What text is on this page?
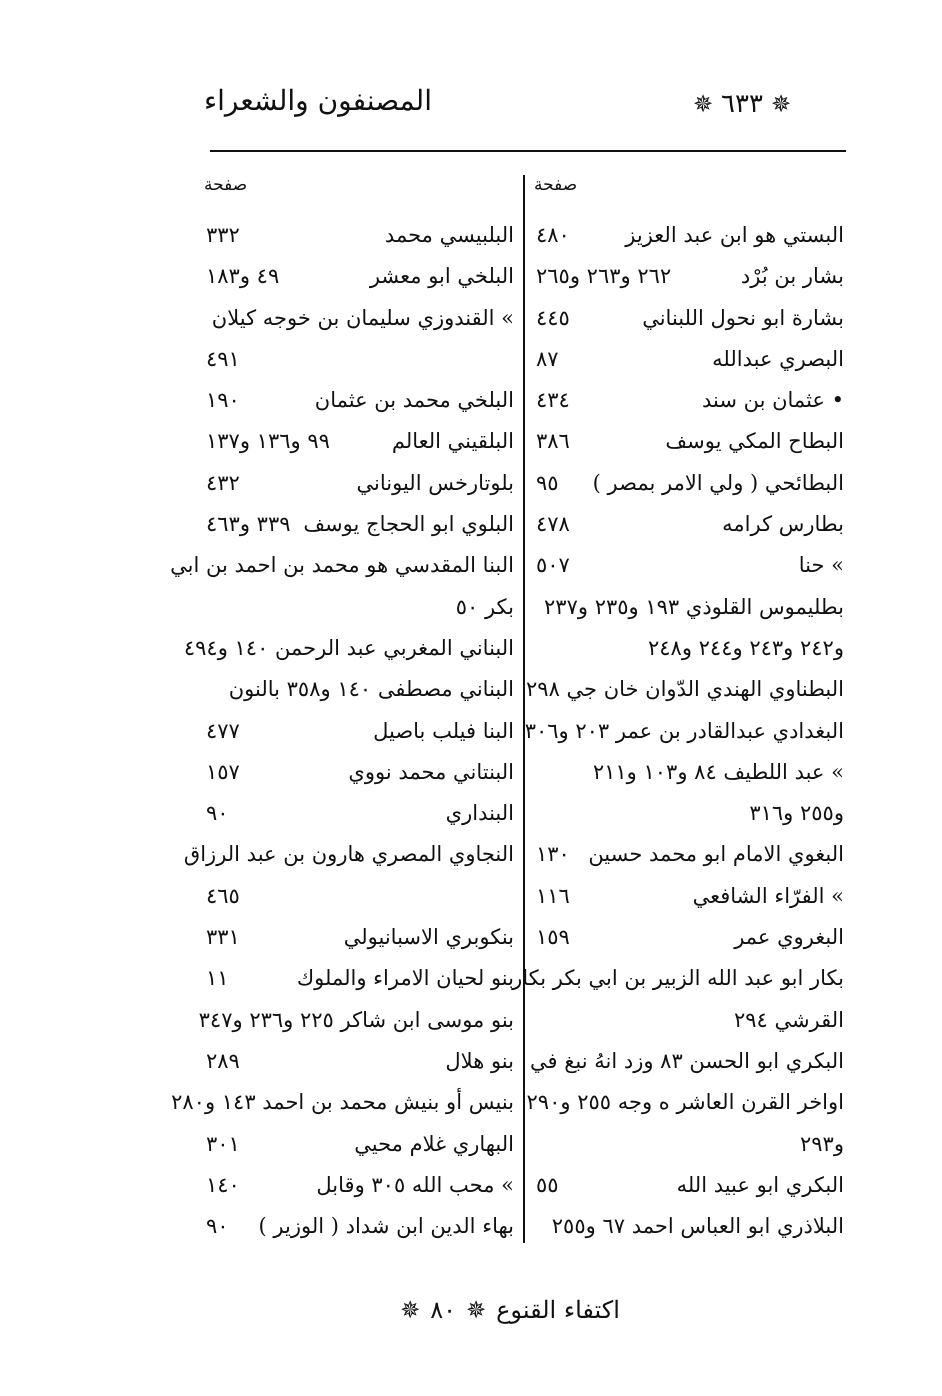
المصنفون والشعراء	✵
٦٣٣
✵
صفحة
البستي هو ابن عبد العزيز
٤٨٠
بشار بن بُرْد
٢٦٢ و٢٦٣ و٢٦٥
بشارة ابو نحول اللبناني
٤٤٥
البصري عبدالله
٨٧
• عثمان بن سند
٤٣٤
البطاح المكي يوسف
٣٨٦
البطائحي ( ولي الامر بمصر )
٩٥
بطارس كرامه
٤٧٨
» حنا
٥٠٧
بطليموس القلوذي ١٩٣ و٢٣٥ و٢٣٧
و٢٤٢ و٢٤٣ و٢٤٤ و٢٤٨
البطناوي الهندي الدّوان خان جي ٢٩٨
البغدادي عبدالقادر بن عمر ٢٠٣ و٣٠٦
» عبد اللطيف ٨٤ و١٠٣ و٢١١
و٢٥٥ و٣١٦
البغوي الامام ابو محمد حسين
١٣٠
» الفرّاء الشافعي
١١٦
البغروي عمر
١٥٩
بكار ابو عبد الله الزبير بن ابي بكر بكار
القرشي ٢٩٤
البكري ابو الحسن ٨٣ وزد انهُ نبغ في
اواخر القرن العاشر ه وجه ٢٥٥ و٢٩٠
و٢٩٣
البكري ابو عبيد الله
٥٥
البلاذري ابو العباس احمد ٦٧ و٢٥٥
صفحة
البلبيسي محمد
٣٣٢
البلخي ابو معشر
٤٩ و١٨٣
» القندوزي سليمان بن خوجه كيلان
٤٩١
البلخي محمد بن عثمان
١٩٠
البلقيني العالم
٩٩ و١٣٦ و١٣٧
بلوتارخس اليوناني
٤٣٢
البلوي ابو الحجاج يوسف
٣٣٩ و٤٦٣
البنا المقدسي هو محمد بن احمد بن ابي
بكر ٥٠
البناني المغربي عبد الرحمن ١٤٠ و٤٩٤
البناني مصطفى ١٤٠ و٣٥٨ بالنون
البنا فيلب باصيل
٤٧٧
البنتاني محمد نووي
١٥٧
البنداري
٩٠
النجاوي المصري هارون بن عبد الرزاق
٤٦٥
بنكوبري الاسبانيولي
٣٣١
بنو لحيان الامراء والملوك
١١
بنو موسى ابن شاكر ٢٢٥ و٢٣٦ و٣٤٧
بنو هلال
٢٨٩
بنيس أو بنيش محمد بن احمد ١٤٣ و٢٨٠
البهاري غلام محيي
٣٠١
» محب الله ٣٠٥ وقابل
١٤٠
بهاء الدين ابن شداد ( الوزير )
٩٠
اكتفاء القنوع
✵
٨٠
✵
